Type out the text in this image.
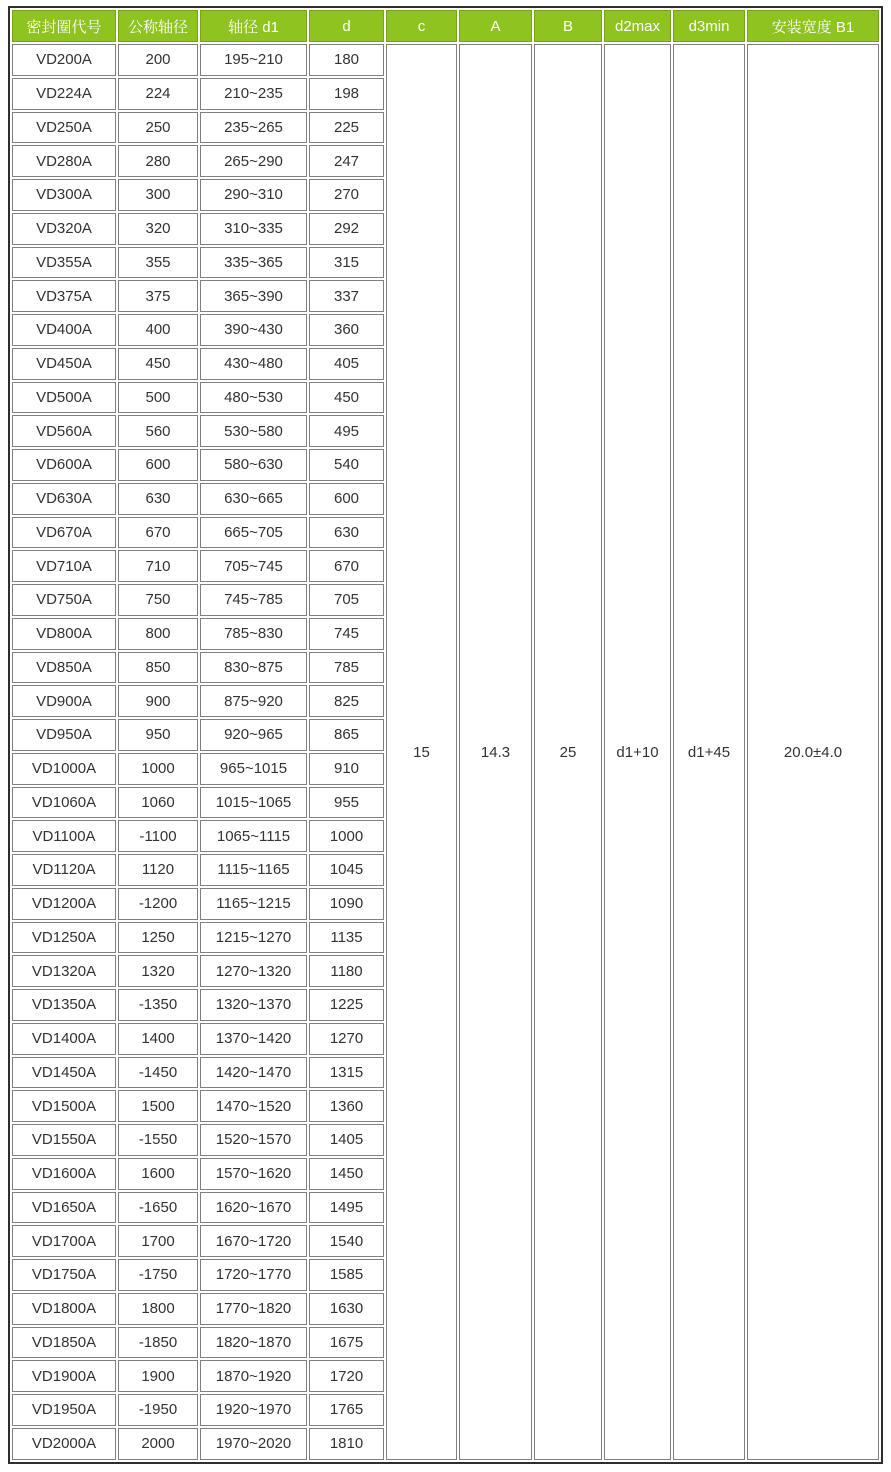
密封圈代号	公称轴径	轴径 d1	d	c	A	B	d2max	d3min	安装宽度 B1
VD200A	200	195~210	180	15	14.3	25	d1+10	d1+45	20.0±4.0
VD224A	224	210~235	198						
VD250A	250	235~265	225						
VD280A	280	265~290	247						
VD300A	300	290~310	270						
VD320A	320	310~335	292						
VD355A	355	335~365	315						
VD375A	375	365~390	337						
VD400A	400	390~430	360						
VD450A	450	430~480	405						
VD500A	500	480~530	450						
VD560A	560	530~580	495						
VD600A	600	580~630	540						
VD630A	630	630~665	600						
VD670A	670	665~705	630						
VD710A	710	705~745	670						
VD750A	750	745~785	705						
VD800A	800	785~830	745						
VD850A	850	830~875	785						
VD900A	900	875~920	825						
VD950A	950	920~965	865						
VD1000A	1000	965~1015	910						
VD1060A	1060	1015~1065	955						
VD1100A	-1100	1065~1115	1000						
VD1120A	1120	1115~1165	1045						
VD1200A	-1200	1165~1215	1090						
VD1250A	1250	1215~1270	1135						
VD1320A	1320	1270~1320	1180						
VD1350A	-1350	1320~1370	1225						
VD1400A	1400	1370~1420	1270						
VD1450A	-1450	1420~1470	1315						
VD1500A	1500	1470~1520	1360						
VD1550A	-1550	1520~1570	1405						
VD1600A	1600	1570~1620	1450						
VD1650A	-1650	1620~1670	1495						
VD1700A	1700	1670~1720	1540						
VD1750A	-1750	1720~1770	1585						
VD1800A	1800	1770~1820	1630						
VD1850A	-1850	1820~1870	1675						
VD1900A	1900	1870~1920	1720						
VD1950A	-1950	1920~1970	1765						
VD2000A	2000	1970~2020	1810						
